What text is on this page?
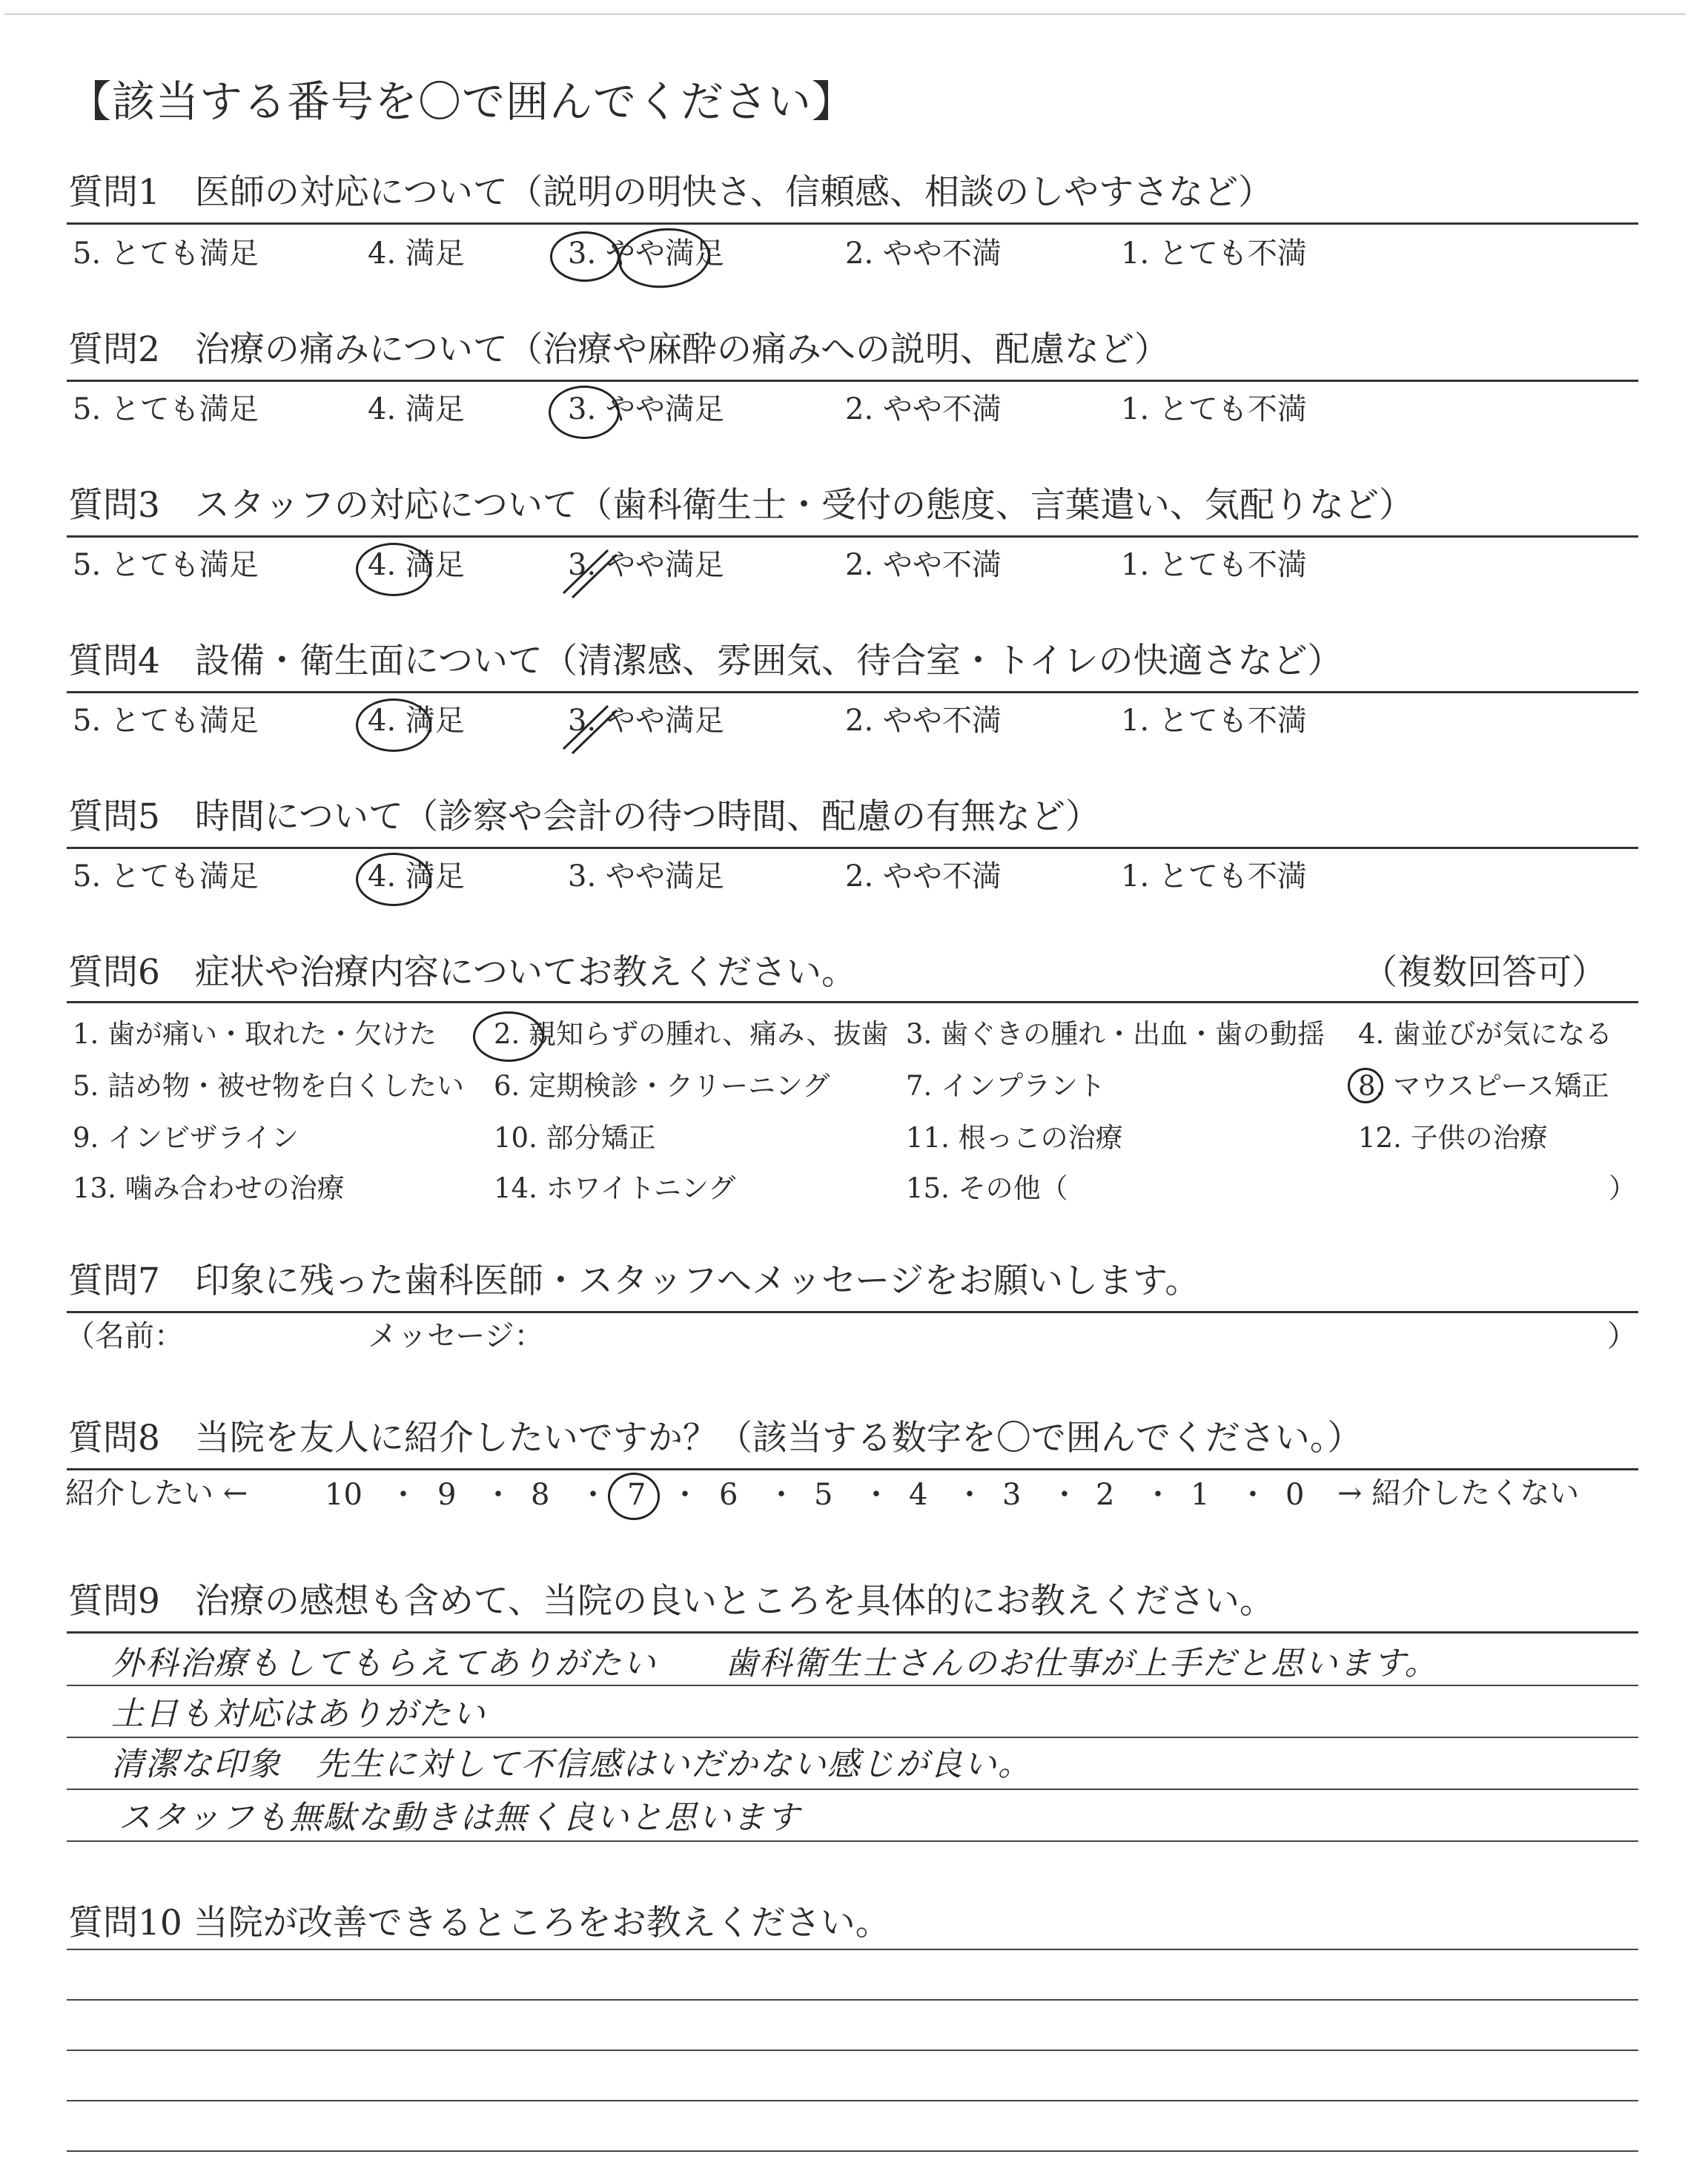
【該当する番号を〇で囲んでください】
質問1　医師の対応について（説明の明快さ、信頼感、相談のしやすさなど）
5. とても満足	4. 満足	3. やや満足	2. やや不満	1. とても不満
質問2　治療の痛みについて（治療や麻酔の痛みへの説明、配慮など）
5. とても満足	4. 満足	3. やや満足	2. やや不満	1. とても不満
質問3　スタッフの対応について（歯科衛生士・受付の態度、言葉遣い、気配りなど）
5. とても満足	4. 満足	3. やや満足	2. やや不満	1. とても不満
質問4　設備・衛生面について（清潔感、雰囲気、待合室・トイレの快適さなど）
5. とても満足	4. 満足	3. やや満足	2. やや不満	1. とても不満
質問5　時間について（診察や会計の待つ時間、配慮の有無など）
5. とても満足	4. 満足	3. やや満足	2. やや不満	1. とても不満
質問6　症状や治療内容についてお教えください。	（複数回答可）
1. 歯が痛い・取れた・欠けた 2. 親知らずの腫れ、痛み、抜歯 3. 歯ぐきの腫れ・出血・歯の動揺 4. 歯並びが気になる
5. 詰め物・被せ物を白くしたい 6. 定期検診・クリーニング	7. インプラント	8. マウスピース矯正
9. インビザライン	10. 部分矯正	11. 根っこの治療	12. 子供の治療
13. 噛み合わせの治療	14. ホワイトニング	15. その他（	）
質問7　印象に残った歯科医師・スタッフへメッセージをお願いします。
（名前：	メッセージ：	）
質問8　当院を友人に紹介したいですか？（該当する数字を〇で囲んでください。）
紹介したい ←	10 ・ 9 ・ 8 ・ 7 ・ 6 ・ 5 ・ 4 ・ 3 ・ 2 ・ 1 ・ 0 → 紹介したくない
質問9　治療の感想も含めて、当院の良いところを具体的にお教えください。
外科治療もしてもらえてありがたい　　歯科衛生士さんのお仕事が上手だと思います。
土日も対応はありがたい
清潔な印象　先生に対して不信感はいだかない感じが良い。
スタッフも無駄な動きは無く良いと思います
質問10 当院が改善できるところをお教えください。
